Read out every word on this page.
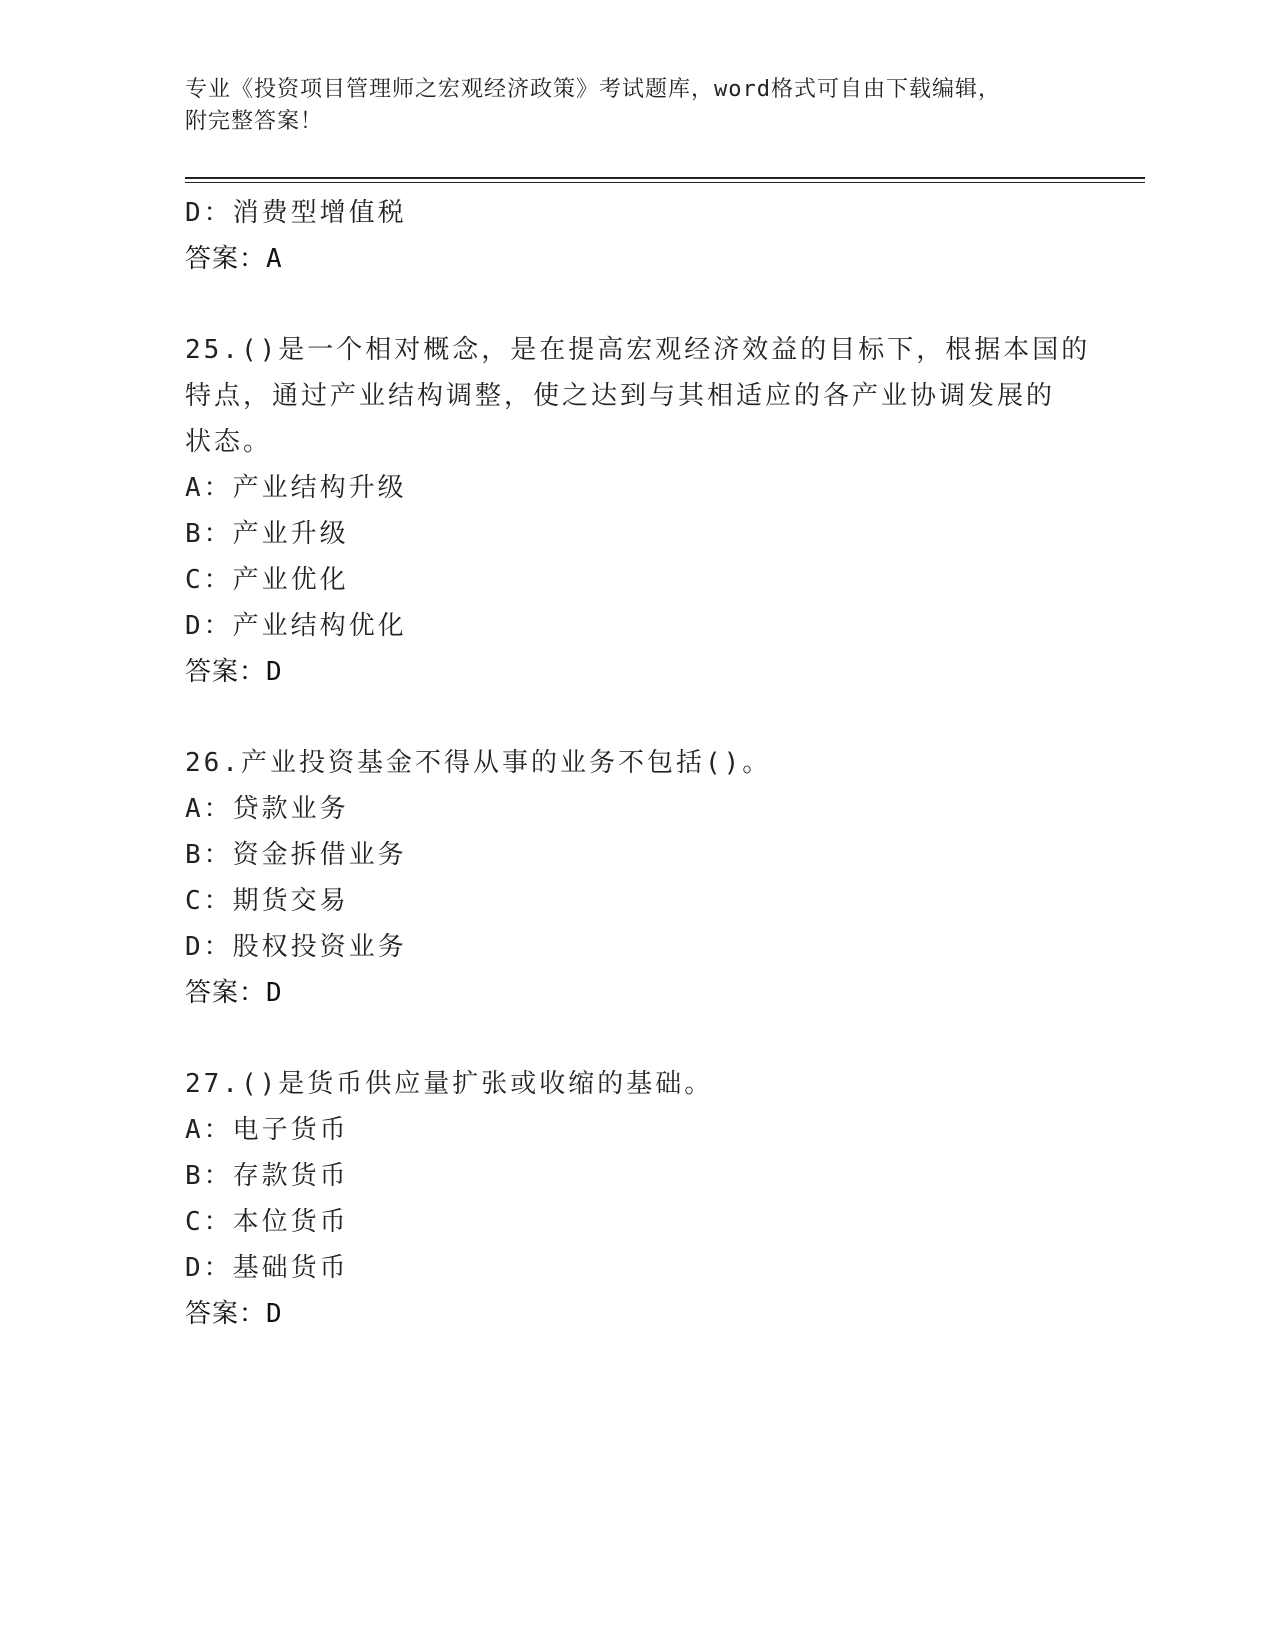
专业《投资项目管理师之宏观经济政策》考试题库，word格式可自由下载编辑，
附完整答案！
D：消费型增值税
答案：A
25.()是一个相对概念，是在提高宏观经济效益的目标下，根据本国的
特点，通过产业结构调整，使之达到与其相适应的各产业协调发展的
状态。
A：产业结构升级
B：产业升级
C：产业优化
D：产业结构优化
答案：D
26.产业投资基金不得从事的业务不包括()。
A：贷款业务
B：资金拆借业务
C：期货交易
D：股权投资业务
答案：D
27.()是货币供应量扩张或收缩的基础。
A：电子货币
B：存款货币
C：本位货币
D：基础货币
答案：D
